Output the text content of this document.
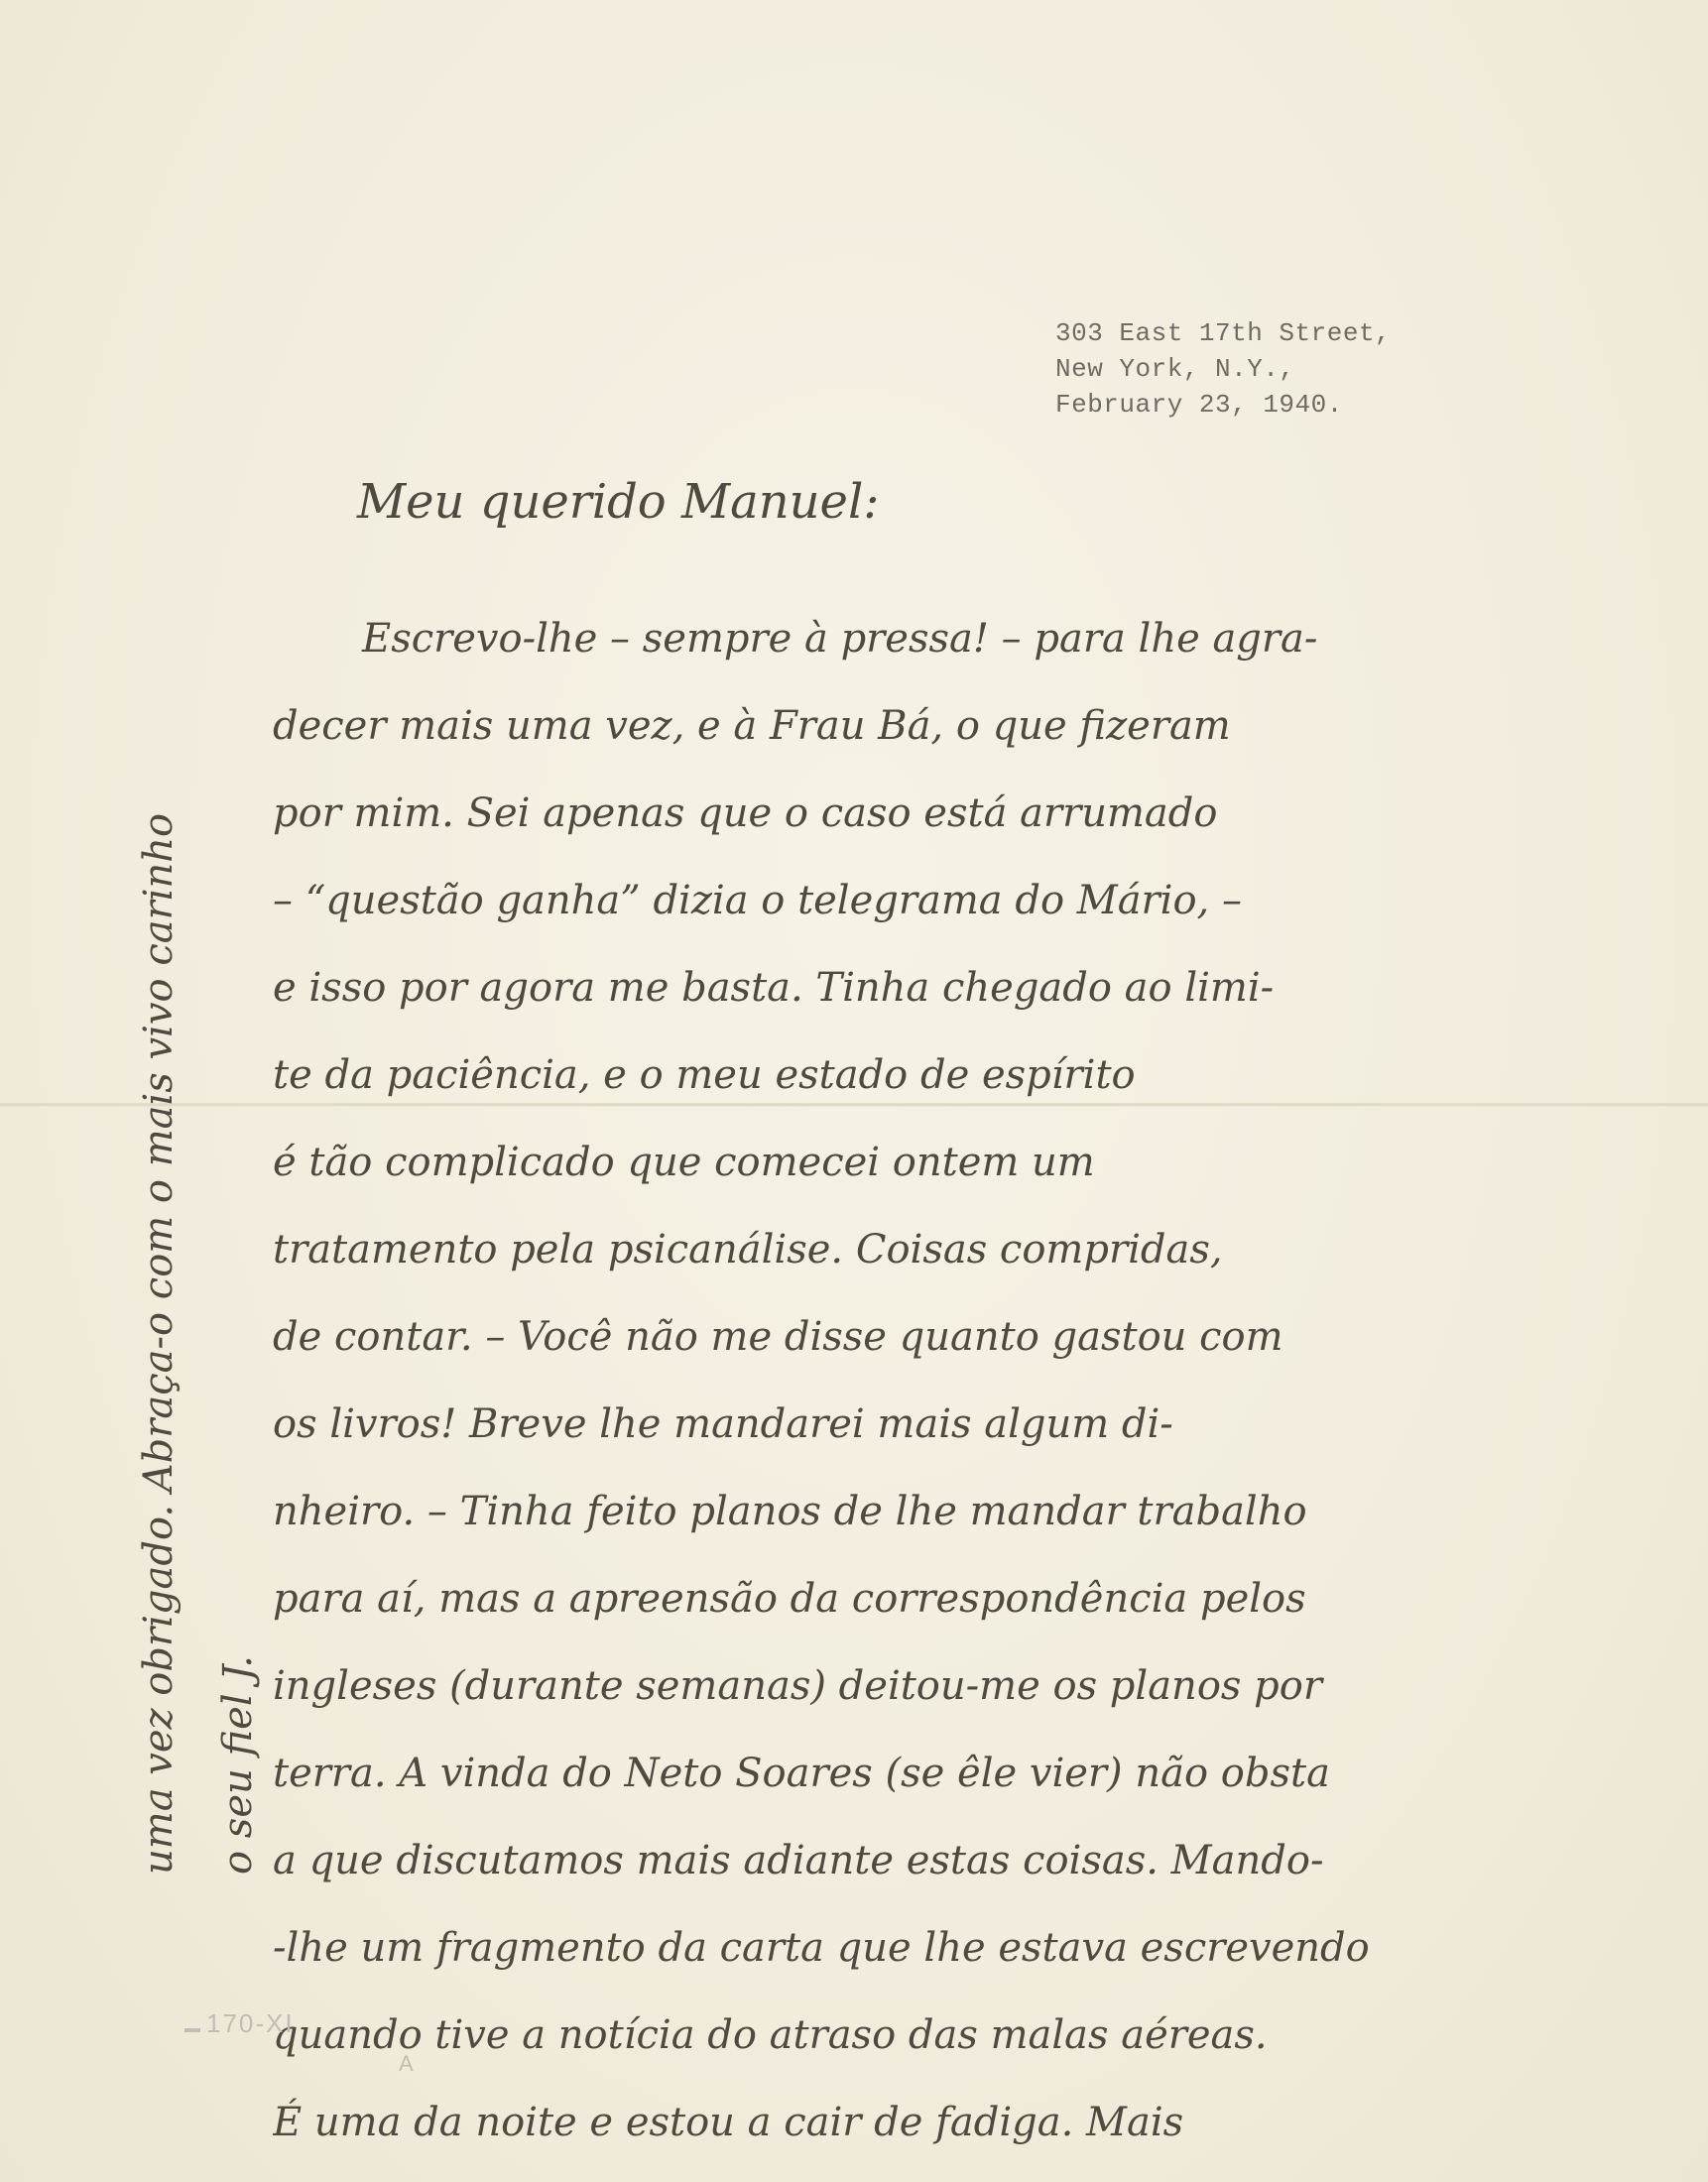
303 East 17th Street,
New York, N.Y.,
February 23, 1940.
Meu querido Manuel:
Escrevo-lhe – sempre à pressa! – para lhe agra-
decer mais uma vez, e à Frau Bá, o que fizeram
por mim. Sei apenas que o caso está arrumado
– “questão ganha” dizia o telegrama do Mário, –
e isso por agora me basta. Tinha chegado ao limi-
te da paciência, e o meu estado de espírito
é tão complicado que comecei ontem um
tratamento pela psicanálise. Coisas compridas,
de contar. – Você não me disse quanto gastou com
os livros! Breve lhe mandarei mais algum di-
nheiro. – Tinha feito planos de lhe mandar trabalho
para aí, mas a apreensão da correspondência pelos
ingleses (durante semanas) deitou-me os planos por
terra. A vinda do Neto Soares (se êle vier) não obsta
a que discutamos mais adiante estas coisas. Mando-
-lhe um fragmento da carta que lhe estava escrevendo
quando tive a notícia do atraso das malas aéreas.
É uma da noite e estou a cair de fadiga. Mais
uma vez obrigado. Abraça-o com o mais vivo carinho o seu fiel J.
170-XI
A
